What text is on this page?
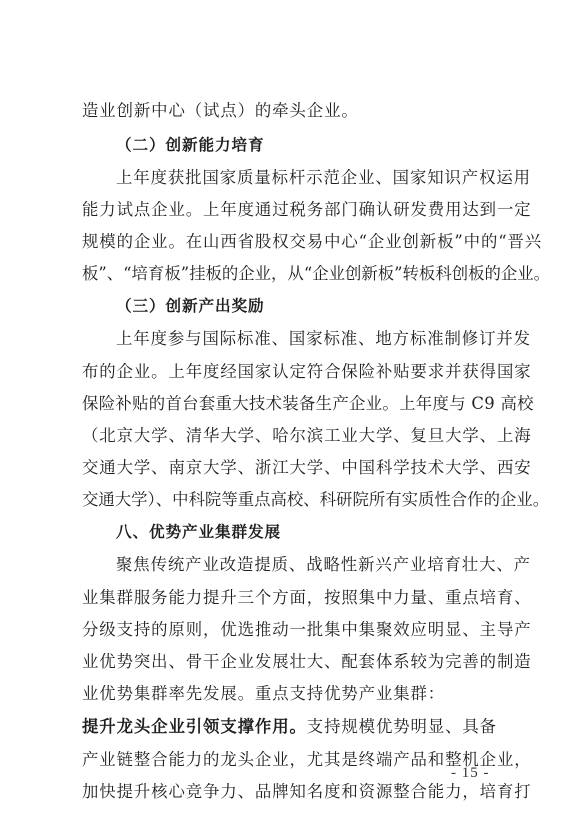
造业创新中心（试点）的牵头企业。
（二）创新能力培育
上年度获批国家质量标杆示范企业、国家知识产权运用
能力试点企业。上年度通过税务部门确认研发费用达到一定
规模的企业。在山西省股权交易中心“企业创新板”中的“晋兴
板”、“培育板”挂板的企业，从“企业创新板”转板科创板的企业。
（三）创新产出奖励
上年度参与国际标准、国家标准、地方标准制修订并发
布的企业。上年度经国家认定符合保险补贴要求并获得国家
保险补贴的首台套重大技术装备生产企业。上年度与 C9 高校
（北京大学、清华大学、哈尔滨工业大学、复旦大学、上海
交通大学、南京大学、浙江大学、中国科学技术大学、西安
交通大学）、中科院等重点高校、科研院所有实质性合作的企业。
八、优势产业集群发展
聚焦传统产业改造提质、战略性新兴产业培育壮大、产
业集群服务能力提升三个方面，按照集中力量、重点培育、
分级支持的原则，优选推动一批集中集聚效应明显、主导产
业优势突出、骨干企业发展壮大、配套体系较为完善的制造
业优势集群率先发展。重点支持优势产业集群：
提升龙头企业引领支撑作用。支持规模优势明显、具备
产业链整合能力的龙头企业，尤其是终端产品和整机企业，
加快提升核心竞争力、品牌知名度和资源整合能力，培育打
- 15 -
